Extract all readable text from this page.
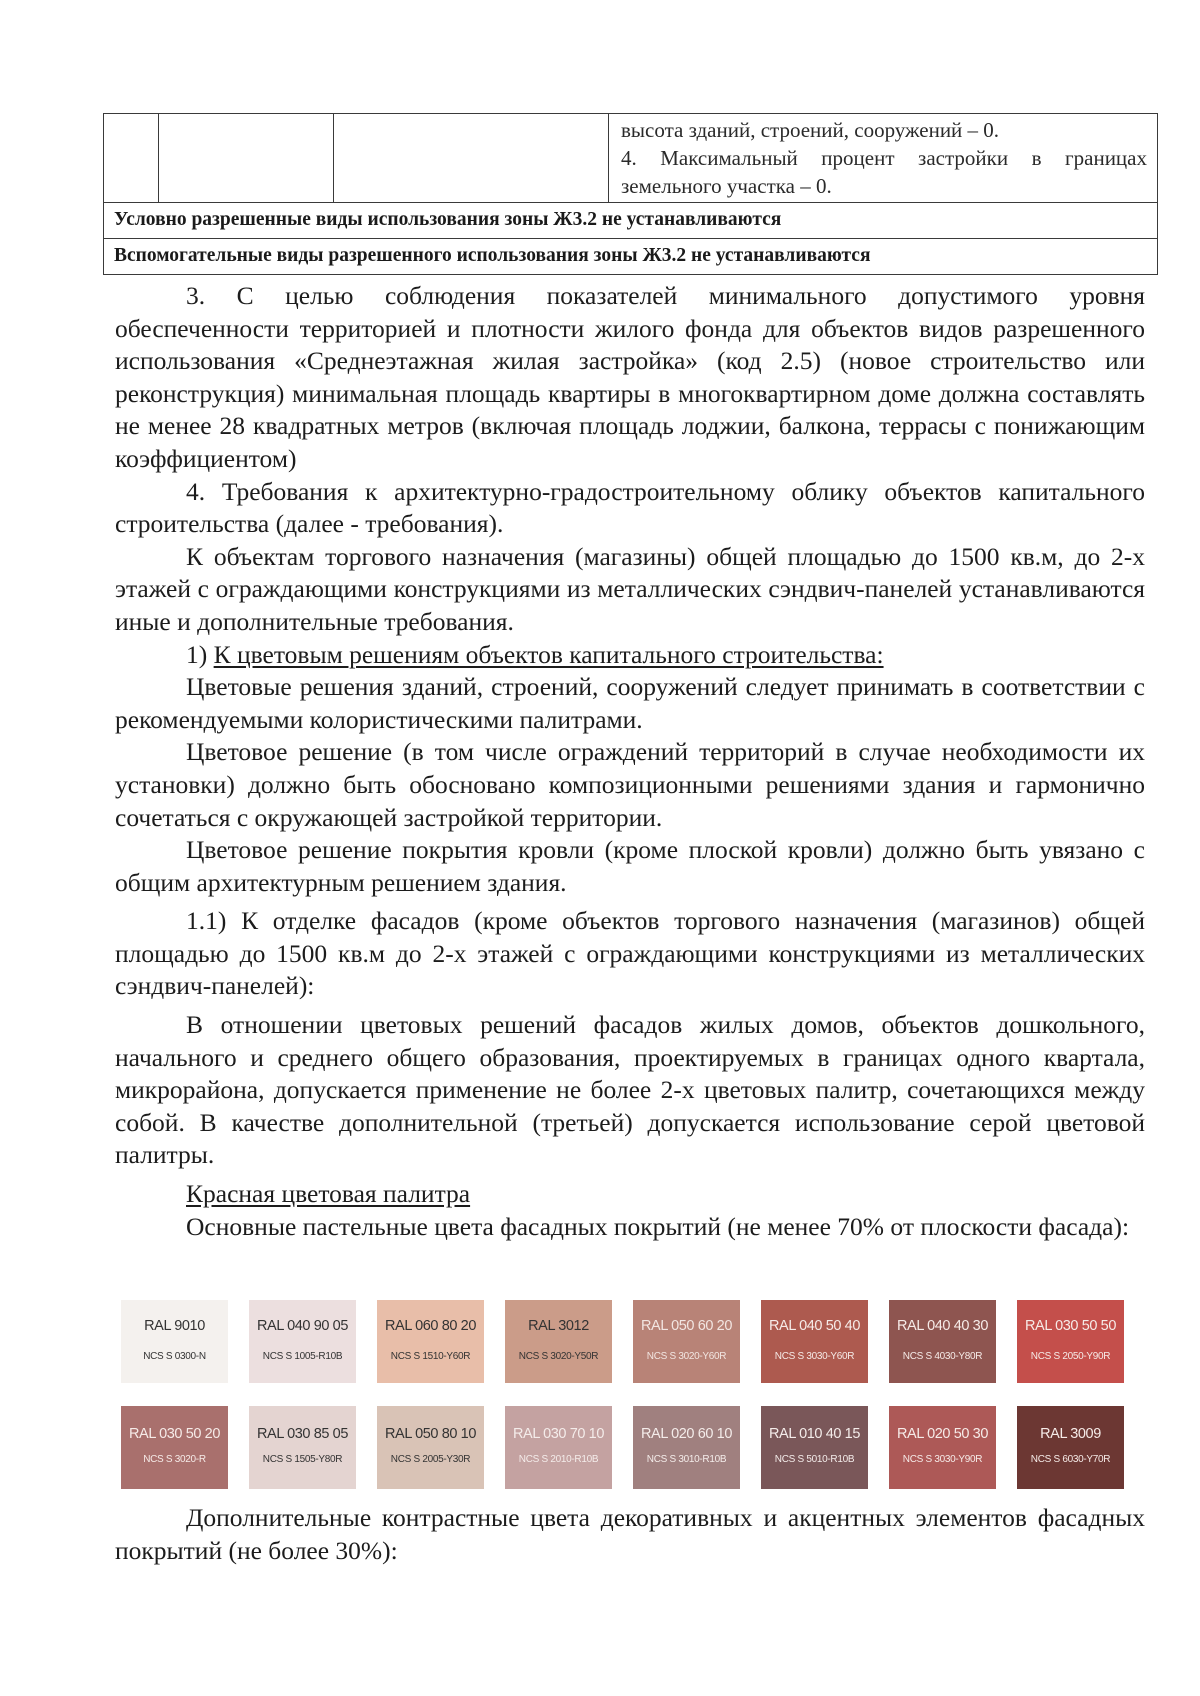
высота зданий, строений, сооружений – 0.

4. Максимальный процент застройки в границах земельного участка – 0.

Условно разрешенные виды использования зоны Ж3.2 не устанавливаются
Вспомогательные виды разрешенного использования зоны Ж3.2 не устанавливаются

3. С целью соблюдения показателей минимального допустимого уровня обеспеченности территорией и плотности жилого фонда для объектов видов разрешенного использования «Среднеэтажная жилая застройка» (код 2.5) (новое строительство или реконструкция) минимальная площадь квартиры в многоквартирном доме должна составлять не менее 28 квадратных метров (включая площадь лоджии, балкона, террасы с понижающим коэффициентом)

4. Требования к архитектурно-градостроительному облику объектов капитального строительства (далее - требования).

К объектам торгового назначения (магазины) общей площадью до 1500 кв.м, до 2-х этажей с ограждающими конструкциями из металлических сэндвич-панелей устанавливаются иные и дополнительные требования.

1) К цветовым решениям объектов капитального строительства:

Цветовые решения зданий, строений, сооружений следует принимать в соответствии с рекомендуемыми колористическими палитрами.

Цветовое решение (в том числе ограждений территорий в случае необходимости их установки) должно быть обосновано композиционными решениями здания и гармонично сочетаться с окружающей застройкой территории.

Цветовое решение покрытия кровли (кроме плоской кровли) должно быть увязано с общим архитектурным решением здания.

1.1) К отделке фасадов (кроме объектов торгового назначения (магазинов) общей площадью до 1500 кв.м до 2-х этажей с ограждающими конструкциями из металлических сэндвич-панелей):

В отношении цветовых решений фасадов жилых домов, объектов дошкольного, начального и среднего общего образования, проектируемых в границах одного квартала, микрорайона, допускается применение не более 2-х цветовых палитр, сочетающихся между собой. В качестве дополнительной (третьей) допускается использование серой цветовой палитры.

Красная цветовая палитра

Основные пастельные цвета фасадных покрытий (не менее 70% от плоскости фасада):

RAL 9010
NCS S 0300-N
RAL 040 90 05
NCS S 1005-R10B
RAL 060 80 20
NCS S 1510-Y60R
RAL 3012
NCS S 3020-Y50R
RAL 050 60 20
NCS S 3020-Y60R
RAL 040 50 40
NCS S 3030-Y60R
RAL 040 40 30
NCS S 4030-Y80R
RAL 030 50 50
NCS S 2050-Y90R
RAL 030 50 20
NCS S 3020-R
RAL 030 85 05
NCS S 1505-Y80R
RAL 050 80 10
NCS S 2005-Y30R
RAL 030 70 10
NCS S 2010-R10B
RAL 020 60 10
NCS S 3010-R10B
RAL 010 40 15
NCS S 5010-R10B
RAL 020 50 30
NCS S 3030-Y90R
RAL 3009
NCS S 6030-Y70R

Дополнительные контрастные цвета декоративных и акцентных элементов фасадных покрытий (не более 30%):
